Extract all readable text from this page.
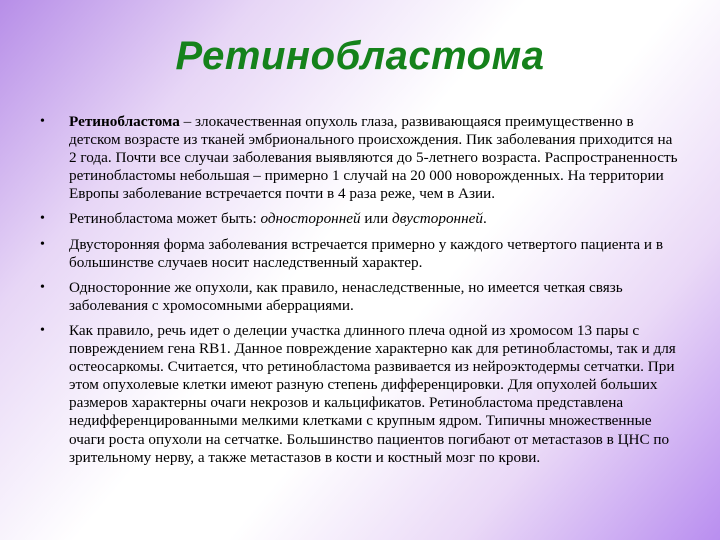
Ретинобластома
• Ретинобластома – злокачественная опухоль глаза, развивающаяся преимущественно в детском возрасте из тканей эмбрионального происхождения. Пик заболевания приходится на 2 года. Почти все случаи заболевания выявляются до 5-летнего возраста. Распространенность ретинобластомы небольшая – примерно 1 случай на 20 000 новорожденных. На территории Европы заболевание встречается почти в 4 раза реже, чем в Азии.
• Ретинобластома может быть: односторонней или двусторонней.
• Двусторонняя форма заболевания встречается примерно у каждого четвертого пациента и в большинстве случаев носит наследственный характер.
• Односторонние же опухоли, как правило, ненаследственные, но имеется четкая связь заболевания с хромосомными аберрациями.
• Как правило, речь идет о делеции участка длинного плеча одной из хромосом 13 пары с повреждением гена RB1. Данное повреждение характерно как для ретинобластомы, так и для остеосаркомы. Считается, что ретинобластома развивается из нейроэктодермы сетчатки. При этом опухолевые клетки имеют разную степень дифференцировки. Для опухолей больших размеров характерны очаги некрозов и кальцификатов. Ретинобластома представлена недифференцированными мелкими клетками с крупным ядром. Типичны множественные очаги роста опухоли на сетчатке. Большинство пациентов погибают от метастазов в ЦНС по зрительному нерву, а также метастазов в кости и костный мозг по крови.
